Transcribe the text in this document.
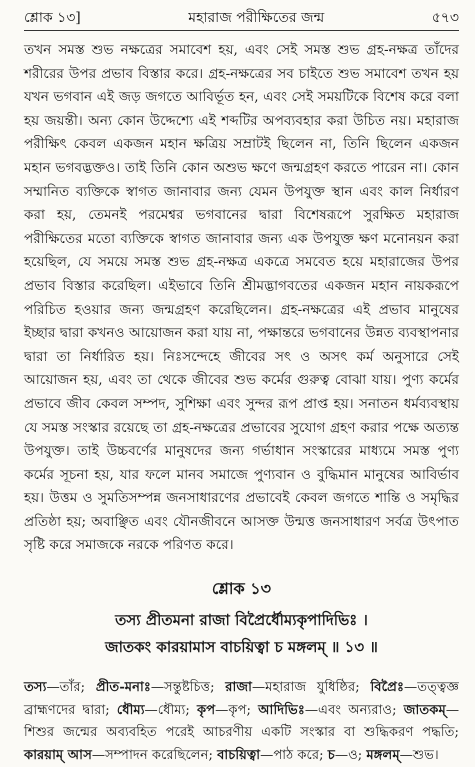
শ্লোক ১৩]	মহারাজ পরীক্ষিতের জন্ম	৫৭৩

তখন সমস্ত শুভ নক্ষত্রের সমাবেশ হয়, এবং সেই সমস্ত শুভ গ্রহ-নক্ষত্র তাঁদের শরীরের উপর প্রভাব বিস্তার করে। গ্রহ-নক্ষত্রের সব চাইতে শুভ সমাবেশ তখন হয় যখন ভগবান এই জড় জগতে আবির্ভূত হন, এবং সেই সময়টিকে বিশেষ করে বলা হয় জয়ন্তী। অন্য কোন উদ্দেশ্যে এই শব্দটির অপব্যবহার করা উচিত নয়। মহারাজ পরীক্ষিৎ কেবল একজন মহান ক্ষত্রিয় সম্রাটই ছিলেন না, তিনি ছিলেন একজন মহান ভগবদ্ভক্তও। তাই তিনি কোন অশুভ ক্ষণে জন্মগ্রহণ করতে পারেন না। কোন সম্মানিত ব্যক্তিকে স্বাগত জানাবার জন্য যেমন উপযুক্ত স্থান এবং কাল নির্ধারণ করা হয়, তেমনই পরমেশ্বর ভগবানের দ্বারা বিশেষরূপে সুরক্ষিত মহারাজ পরীক্ষিতের মতো ব্যক্তিকে স্বাগত জানাবার জন্য এক উপযুক্ত ক্ষণ মনোনয়ন করা হয়েছিল, যে সময়ে সমস্ত শুভ গ্রহ-নক্ষত্র একত্রে সমবেত হয়ে মহারাজের উপর প্রভাব বিস্তার করেছিল। এইভাবে তিনি শ্রীমদ্ভাগবতের একজন মহান নায়করূপে পরিচিত হওয়ার জন্য জন্মগ্রহণ করেছিলেন। গ্রহ-নক্ষত্রের এই প্রভাব মানুষের ইচ্ছার দ্বারা কখনও আয়োজন করা যায় না, পক্ষান্তরে ভগবানের উন্নত ব্যবস্থাপনার দ্বারা তা নির্ধারিত হয়। নিঃসন্দেহে জীবের সৎ ও অসৎ কর্ম অনুসারে সেই আয়োজন হয়, এবং তা থেকে জীবের শুভ কর্মের গুরুত্ব বোঝা যায়। পুণ্য কর্মের প্রভাবে জীব কেবল সম্পদ, সুশিক্ষা এবং সুন্দর রূপ প্রাপ্ত হয়। সনাতন ধর্মব্যবস্থায় যে সমস্ত সংস্কার রয়েছে তা গ্রহ-নক্ষত্রের প্রভাবের সুযোগ গ্রহণ করার পক্ষে অত্যন্ত উপযুক্ত। তাই উচ্চবর্ণের মানুষদের জন্য গর্ভাধান সংস্কারের মাধ্যমে সমস্ত পুণ্য কর্মের সূচনা হয়, যার ফলে মানব সমাজে পুণ্যবান ও বুদ্ধিমান মানুষের আবির্ভাব হয়। উত্তম ও সুমতিসম্পন্ন জনসাধারণের প্রভাবেই কেবল জগতে শান্তি ও সমৃদ্ধির প্রতিষ্ঠা হয়; অবাঞ্ছিত এবং যৌনজীবনে আসক্ত উন্মত্ত জনসাধারণ সর্বত্র উৎপাত সৃষ্টি করে সমাজকে নরকে পরিণত করে।

শ্লোক ১৩
তস্য প্রীতমনা রাজা বিপ্রৈর্ধৌম্যকৃপাদিভিঃ ।
জাতকং কারয়ামাস বাচয়িত্বা চ মঙ্গলম্ ॥ ১৩ ॥

তস্য—তাঁর; প্রীত-মনাঃ—সন্তুষ্টচিত্ত; রাজা—মহারাজ যুধিষ্ঠির; বিপ্রৈঃ—তত্ত্বজ্ঞ ব্রাহ্মণদের দ্বারা; ধৌম্য—ধৌম্য; কৃপ—কৃপ; আদিভিঃ—এবং অন্যরাও; জাতকম্—শিশুর জন্মের অব্যবহিত পরেই আচরণীয় একটি সংস্কার বা শুদ্ধিকরণ পদ্ধতি; কারয়াম্ আস—সম্পাদন করেছিলেন; বাচয়িত্বা—পাঠ করে; চ—ও; মঙ্গলম্—শুভ।
